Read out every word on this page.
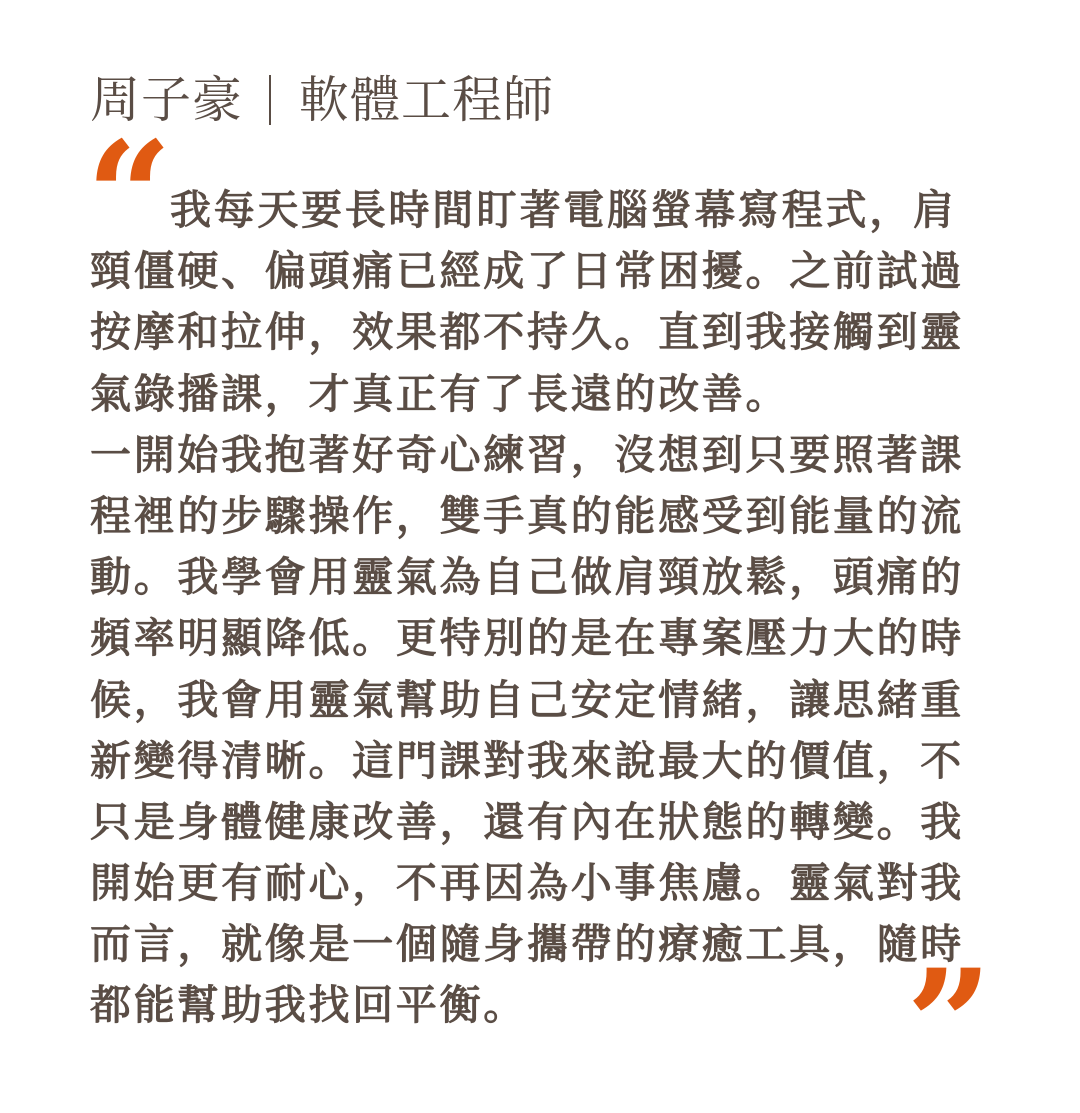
周子豪 軟體工程師
“
我每天要長時間盯著電腦螢幕寫程式，肩
頸僵硬、偏頭痛已經成了日常困擾。之前試過
按摩和拉伸，效果都不持久。直到我接觸到靈
氣錄播課，才真正有了長遠的改善。
一開始我抱著好奇心練習，沒想到只要照著課
程裡的步驟操作，雙手真的能感受到能量的流
動。我學會用靈氣為自己做肩頸放鬆，頭痛的
頻率明顯降低。更特別的是在專案壓力大的時
候，我會用靈氣幫助自己安定情緒，讓思緒重
新變得清晰。這門課對我來說最大的價值，不
只是身體健康改善，還有內在狀態的轉變。我
開始更有耐心，不再因為小事焦慮。靈氣對我
而言，就像是一個隨身攜帶的療癒工具，隨時
都能幫助我找回平衡。	”
